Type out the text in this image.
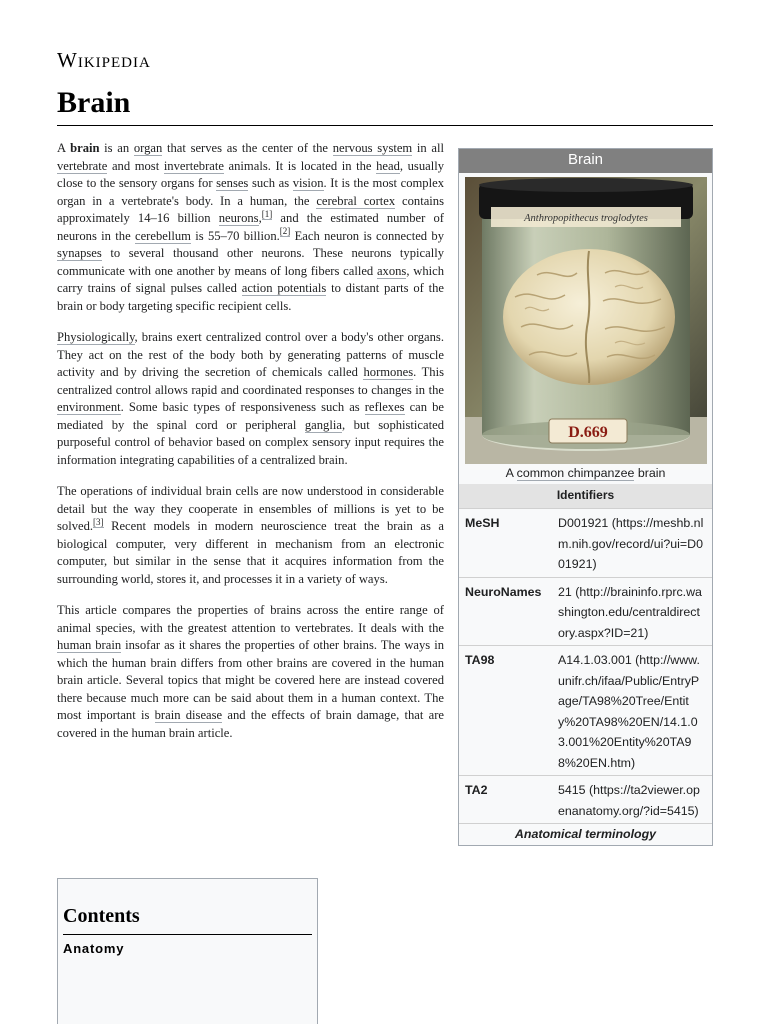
Wikipedia
Brain

A brain is an organ that serves as the center of the nervous system in all vertebrate and most invertebrate animals. It is located in the head, usually close to the sensory organs for senses such as vision. It is the most complex organ in a vertebrate's body. In a human, the cerebral cortex contains approximately 14–16 billion neurons,[1] and the estimated number of neurons in the cerebellum is 55–70 billion.[2] Each neuron is connected by synapses to several thousand other neurons. These neurons typically communicate with one another by means of long fibers called axons, which carry trains of signal pulses called action potentials to distant parts of the brain or body targeting specific recipient cells.

Physiologically, brains exert centralized control over a body's other organs. They act on the rest of the body both by generating patterns of muscle activity and by driving the secretion of chemicals called hormones. This centralized control allows rapid and coordinated responses to changes in the environment. Some basic types of responsiveness such as reflexes can be mediated by the spinal cord or peripheral ganglia, but sophisticated purposeful control of behavior based on complex sensory input requires the information integrating capabilities of a centralized brain.

The operations of individual brain cells are now understood in considerable detail but the way they cooperate in ensembles of millions is yet to be solved.[3] Recent models in modern neuroscience treat the brain as a biological computer, very different in mechanism from an electronic computer, but similar in the sense that it acquires information from the surrounding world, stores it, and processes it in a variety of ways.

This article compares the properties of brains across the entire range of animal species, with the greatest attention to vertebrates. It deals with the human brain insofar as it shares the properties of other brains. The ways in which the human brain differs from other brains are covered in the human brain article. Several topics that might be covered here are instead covered there because much more can be said about them in a human context. The most important is brain disease and the effects of brain damage, that are covered in the human brain article.

Brain
Anthropopithecus troglodytes
D.669
A common chimpanzee brain
Identifiers
MeSH	D001921 (https://meshb.nlm.nih.gov/record/ui?ui=D001921)
NeuroNames	21 (http://braininfo.rprc.washington.edu/centraldirectory.aspx?ID=21)
TA98	A14.1.03.001 (http://www.unifr.ch/ifaa/Public/EntryPage/TA98%20Tree/Entity%20TA98%20EN/14.1.03.001%20Entity%20TA98%20EN.htm)
TA2	5415 (https://ta2viewer.openanatomy.org/?id=5415)
Anatomical terminology
Contents
Anatomy
